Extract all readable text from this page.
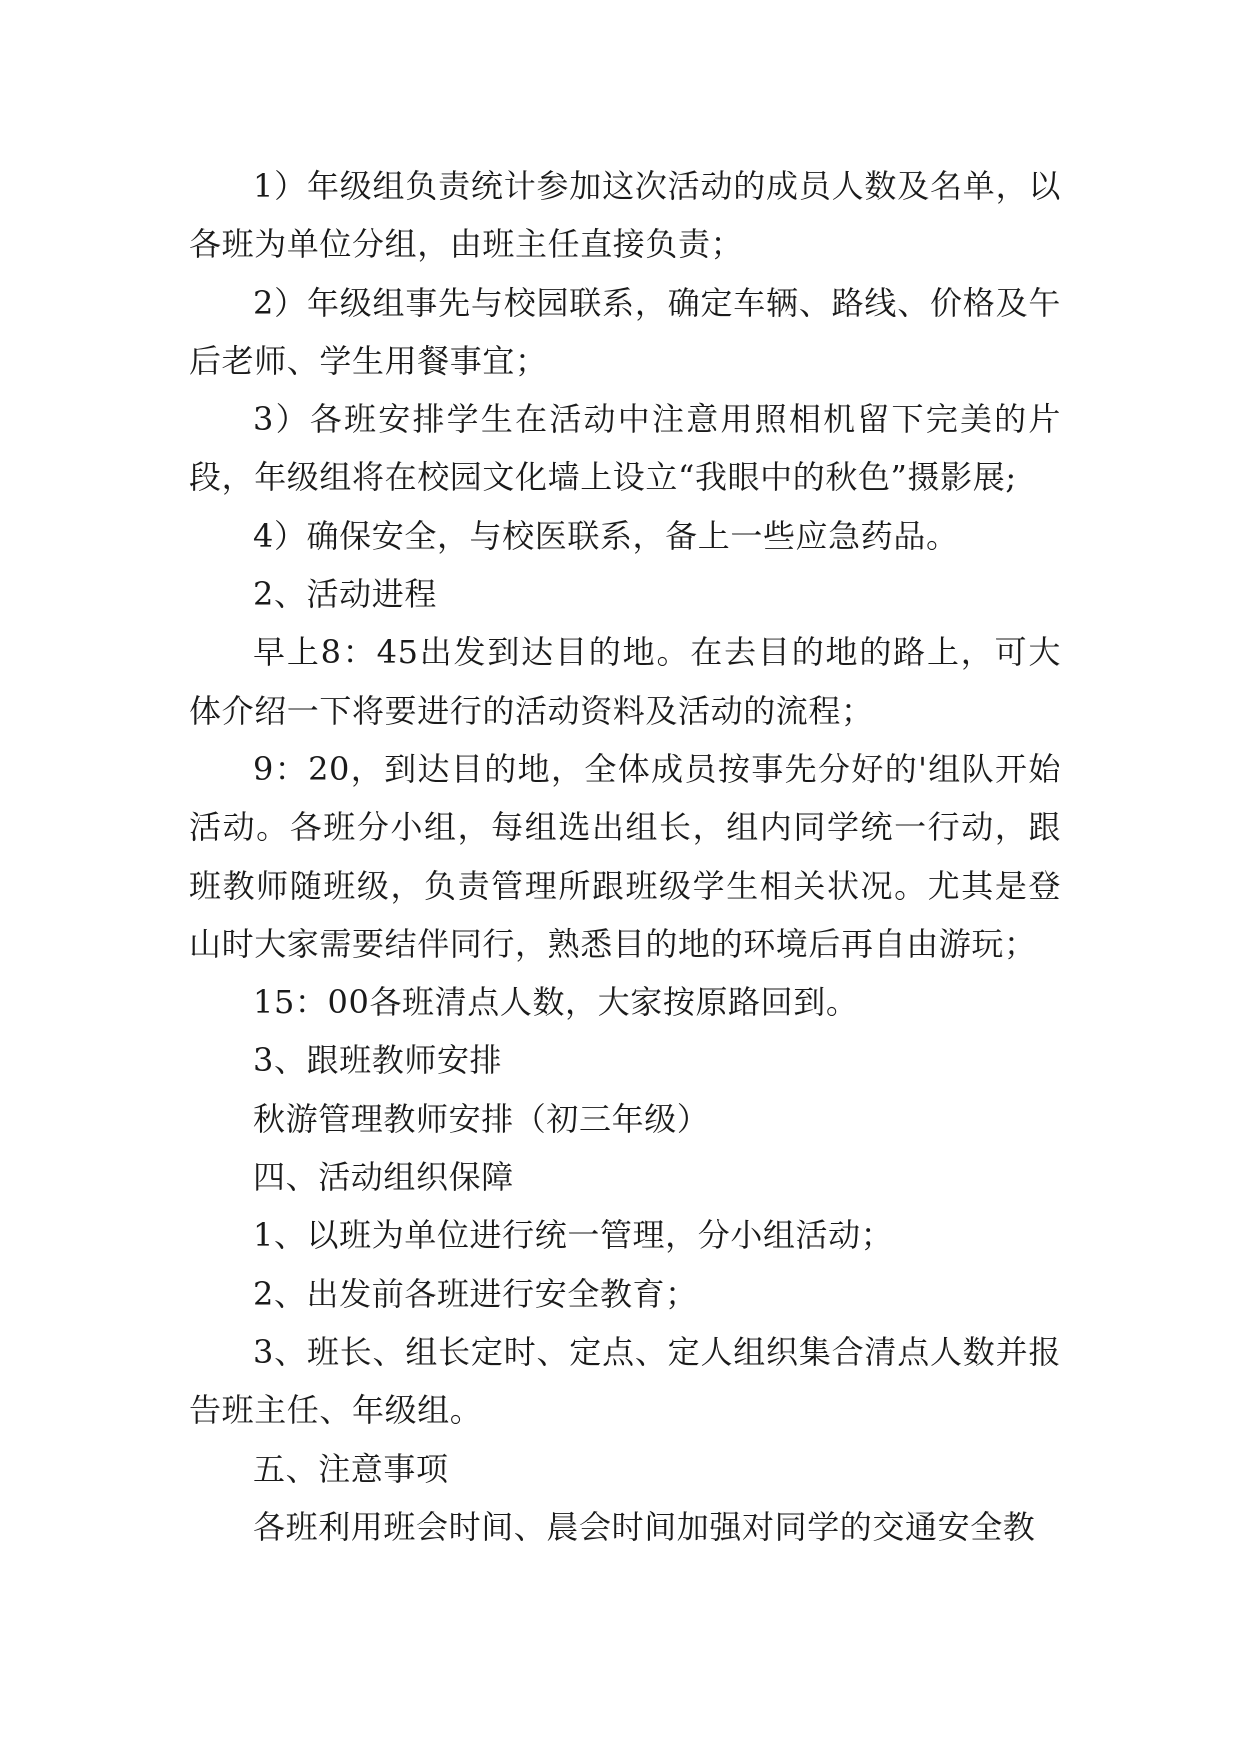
1）年级组负责统计参加这次活动的成员人数及名单，以各班为单位分组，由班主任直接负责；

2）年级组事先与校园联系，确定车辆、路线、价格及午后老师、学生用餐事宜；

3）各班安排学生在活动中注意用照相机留下完美的片段，年级组将在校园文化墙上设立“我眼中的秋色”摄影展;

4）确保安全，与校医联系，备上一些应急药品。

2、活动进程

早上8：45出发到达目的地。在去目的地的路上，可大体介绍一下将要进行的活动资料及活动的流程；

9：20，到达目的地，全体成员按事先分好的'组队开始活动。各班分小组，每组选出组长，组内同学统一行动，跟班教师随班级，负责管理所跟班级学生相关状况。尤其是登山时大家需要结伴同行，熟悉目的地的环境后再自由游玩；

15：00各班清点人数，大家按原路回到。

3、跟班教师安排

秋游管理教师安排（初三年级）

四、活动组织保障

1、以班为单位进行统一管理，分小组活动；

2、出发前各班进行安全教育；

3、班长、组长定时、定点、定人组织集合清点人数并报告班主任、年级组。

五、注意事项

各班利用班会时间、晨会时间加强对同学的交通安全教
